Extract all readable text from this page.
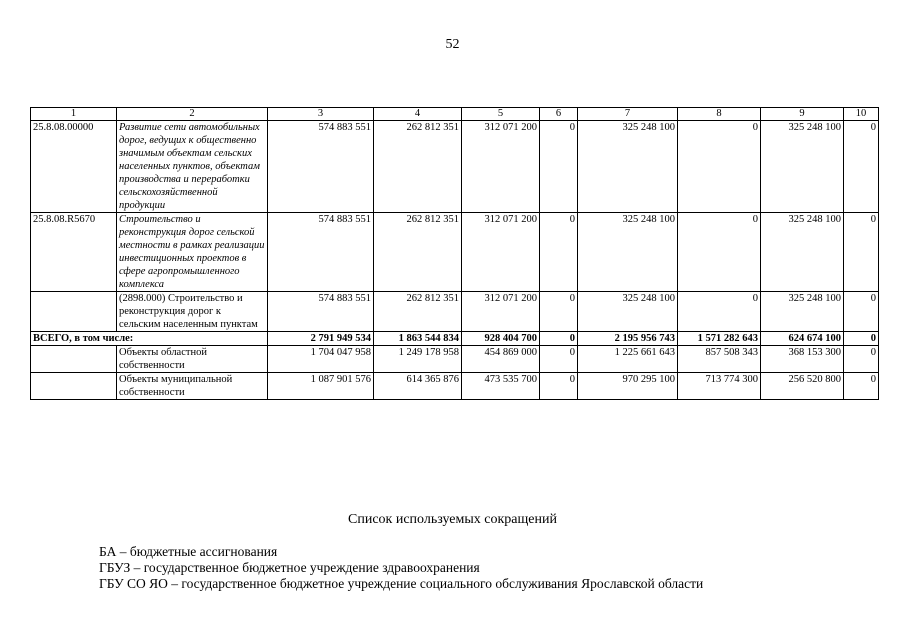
52
1	2	3	4	5	6	7	8	9	10
25.8.08.00000	Развитие сети автомобильных дорог, ведущих к общественно значимым объектам сельских населенных пунктов, объектам производства и переработки сельскохозяйственной продукции	574 883 551	262 812 351	312 071 200	0	325 248 100	0	325 248 100	0
25.8.08.R5670	Строительство и реконструкция дорог сельской местности в рамках реализации инвестиционных проектов в сфере агропромышленного комплекса	574 883 551	262 812 351	312 071 200	0	325 248 100	0	325 248 100	0
	(2898.000) Строительство и реконструкция дорог к сельским населенным пунктам	574 883 551	262 812 351	312 071 200	0	325 248 100	0	325 248 100	0
ВСЕГО, в том числе:		2 791 949 534	1 863 544 834	928 404 700	0	2 195 956 743	1 571 282 643	624 674 100	0
	Объекты областной собственности	1 704 047 958	1 249 178 958	454 869 000	0	1 225 661 643	857 508 343	368 153 300	0
	Объекты муниципальной собственности	1 087 901 576	614 365 876	473 535 700	0	970 295 100	713 774 300	256 520 800	0
Список используемых сокращений
БА – бюджетные ассигнования
ГБУЗ – государственное бюджетное учреждение здравоохранения
ГБУ СО ЯО – государственное бюджетное учреждение социального обслуживания Ярославской области
